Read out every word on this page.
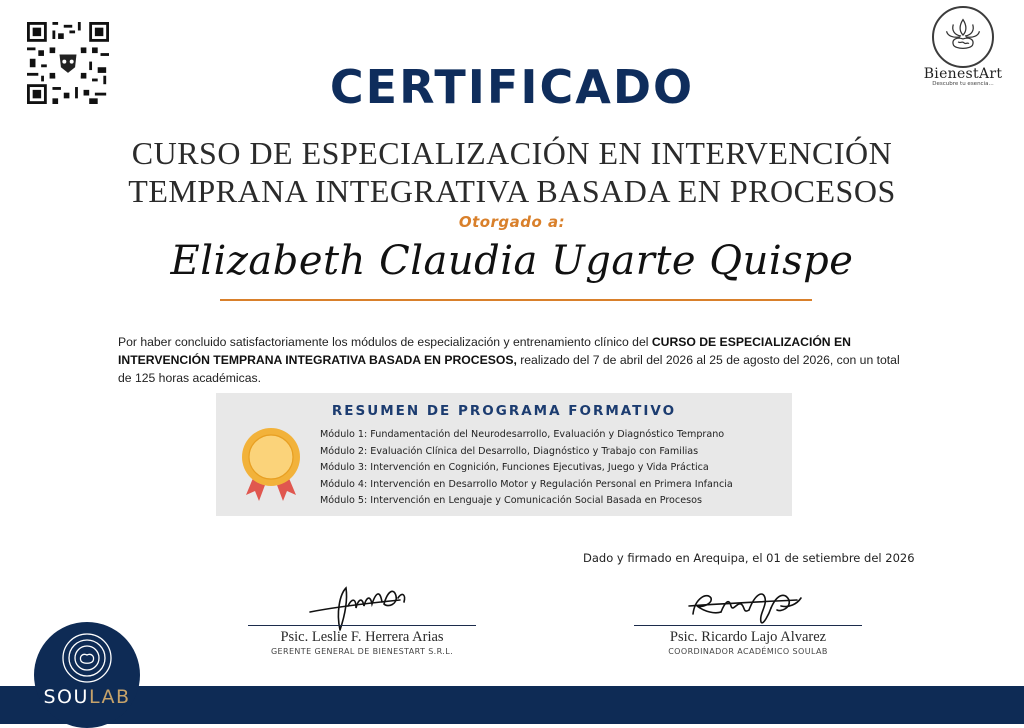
BienestArt
Descubre tu esencia...
CERTIFICADO
CURSO DE ESPECIALIZACIÓN EN INTERVENCIÓN
TEMPRANA INTEGRATIVA BASADA EN PROCESOS
Otorgado a:
Elizabeth Claudia Ugarte Quispe
Por haber concluido satisfactoriamente los módulos de especialización y entrenamiento clínico del CURSO DE ESPECIALIZACIÓN EN INTERVENCIÓN TEMPRANA INTEGRATIVA BASADA EN PROCESOS, realizado del 7 de abril del 2026 al 25 de agosto del 2026, con un total de 125 horas académicas.
RESUMEN DE PROGRAMA FORMATIVO
Módulo 1: Fundamentación del Neurodesarrollo, Evaluación y Diagnóstico Temprano
Módulo 2: Evaluación Clínica del Desarrollo, Diagnóstico y Trabajo con Familias
Módulo 3: Intervención en Cognición, Funciones Ejecutivas, Juego y Vida Práctica
Módulo 4: Intervención en Desarrollo Motor y Regulación Personal en Primera Infancia
Módulo 5: Intervención en Lenguaje y Comunicación Social Basada en Procesos
Dado y firmado en Arequipa, el 01 de setiembre del 2026
Psic. Leslie F. Herrera Arias
GERENTE GENERAL DE BIENESTART S.R.L.
Psic. Ricardo Lajo Alvarez
COORDINADOR ACADÉMICO SOULAB
SOULAB
